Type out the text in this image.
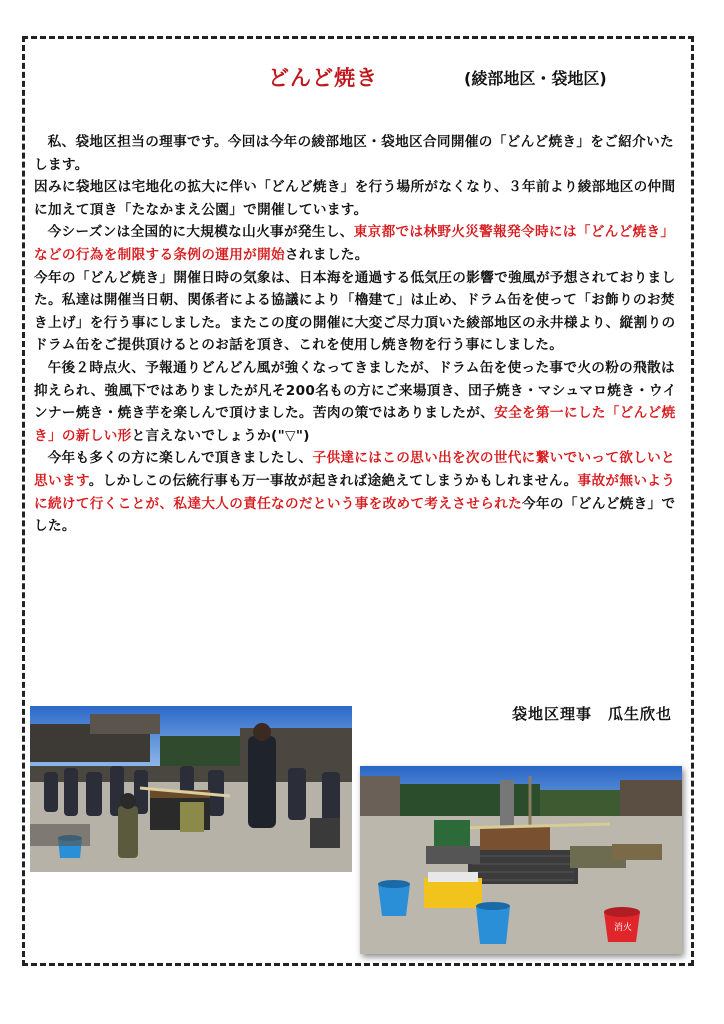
どんど焼き	(綾部地区・袋地区)

私、袋地区担当の理事です。今回は今年の綾部地区・袋地区合同開催の「どんど焼き」をご紹介いたします。

因みに袋地区は宅地化の拡大に伴い「どんど焼き」を行う場所がなくなり、３年前より綾部地区の仲間に加えて頂き「たなかまえ公園」で開催しています。

今シーズンは全国的に大規模な山火事が発生し、東京都では林野火災警報発令時には「どんど焼き」などの行為を制限する条例の運用が開始されました。

今年の「どんど焼き」開催日時の気象は、日本海を通過する低気圧の影響で強風が予想されておりました。私達は開催当日朝、関係者による協議により「櫓建て」は止め、ドラム缶を使って「お飾りのお焚き上げ」を行う事にしました。またこの度の開催に大変ご尽力頂いた綾部地区の永井様より、縦割りのドラム缶をご提供頂けるとのお話を頂き、これを使用し焼き物を行う事にしました。

午後２時点火、予報通りどんどん風が強くなってきましたが、ドラム缶を使った事で火の粉の飛散は抑えられ、強風下ではありましたが凡そ200名もの方にご来場頂き、団子焼き・マシュマロ焼き・ウインナー焼き・焼き芋を楽しんで頂けました。苦肉の策ではありましたが、安全を第一にした「どんど焼き」の新しい形と言えないでしょうか("▽")

今年も多くの方に楽しんで頂きましたし、子供達にはこの思い出を次の世代に繋いでいって欲しいと思います。しかしこの伝統行事も万一事故が起きれば途絶えてしまうかもしれません。事故が無いように続けて行くことが、私達大人の責任なのだという事を改めて考えさせられた今年の「どんど焼き」でした。

袋地区理事　瓜生欣也
消火
